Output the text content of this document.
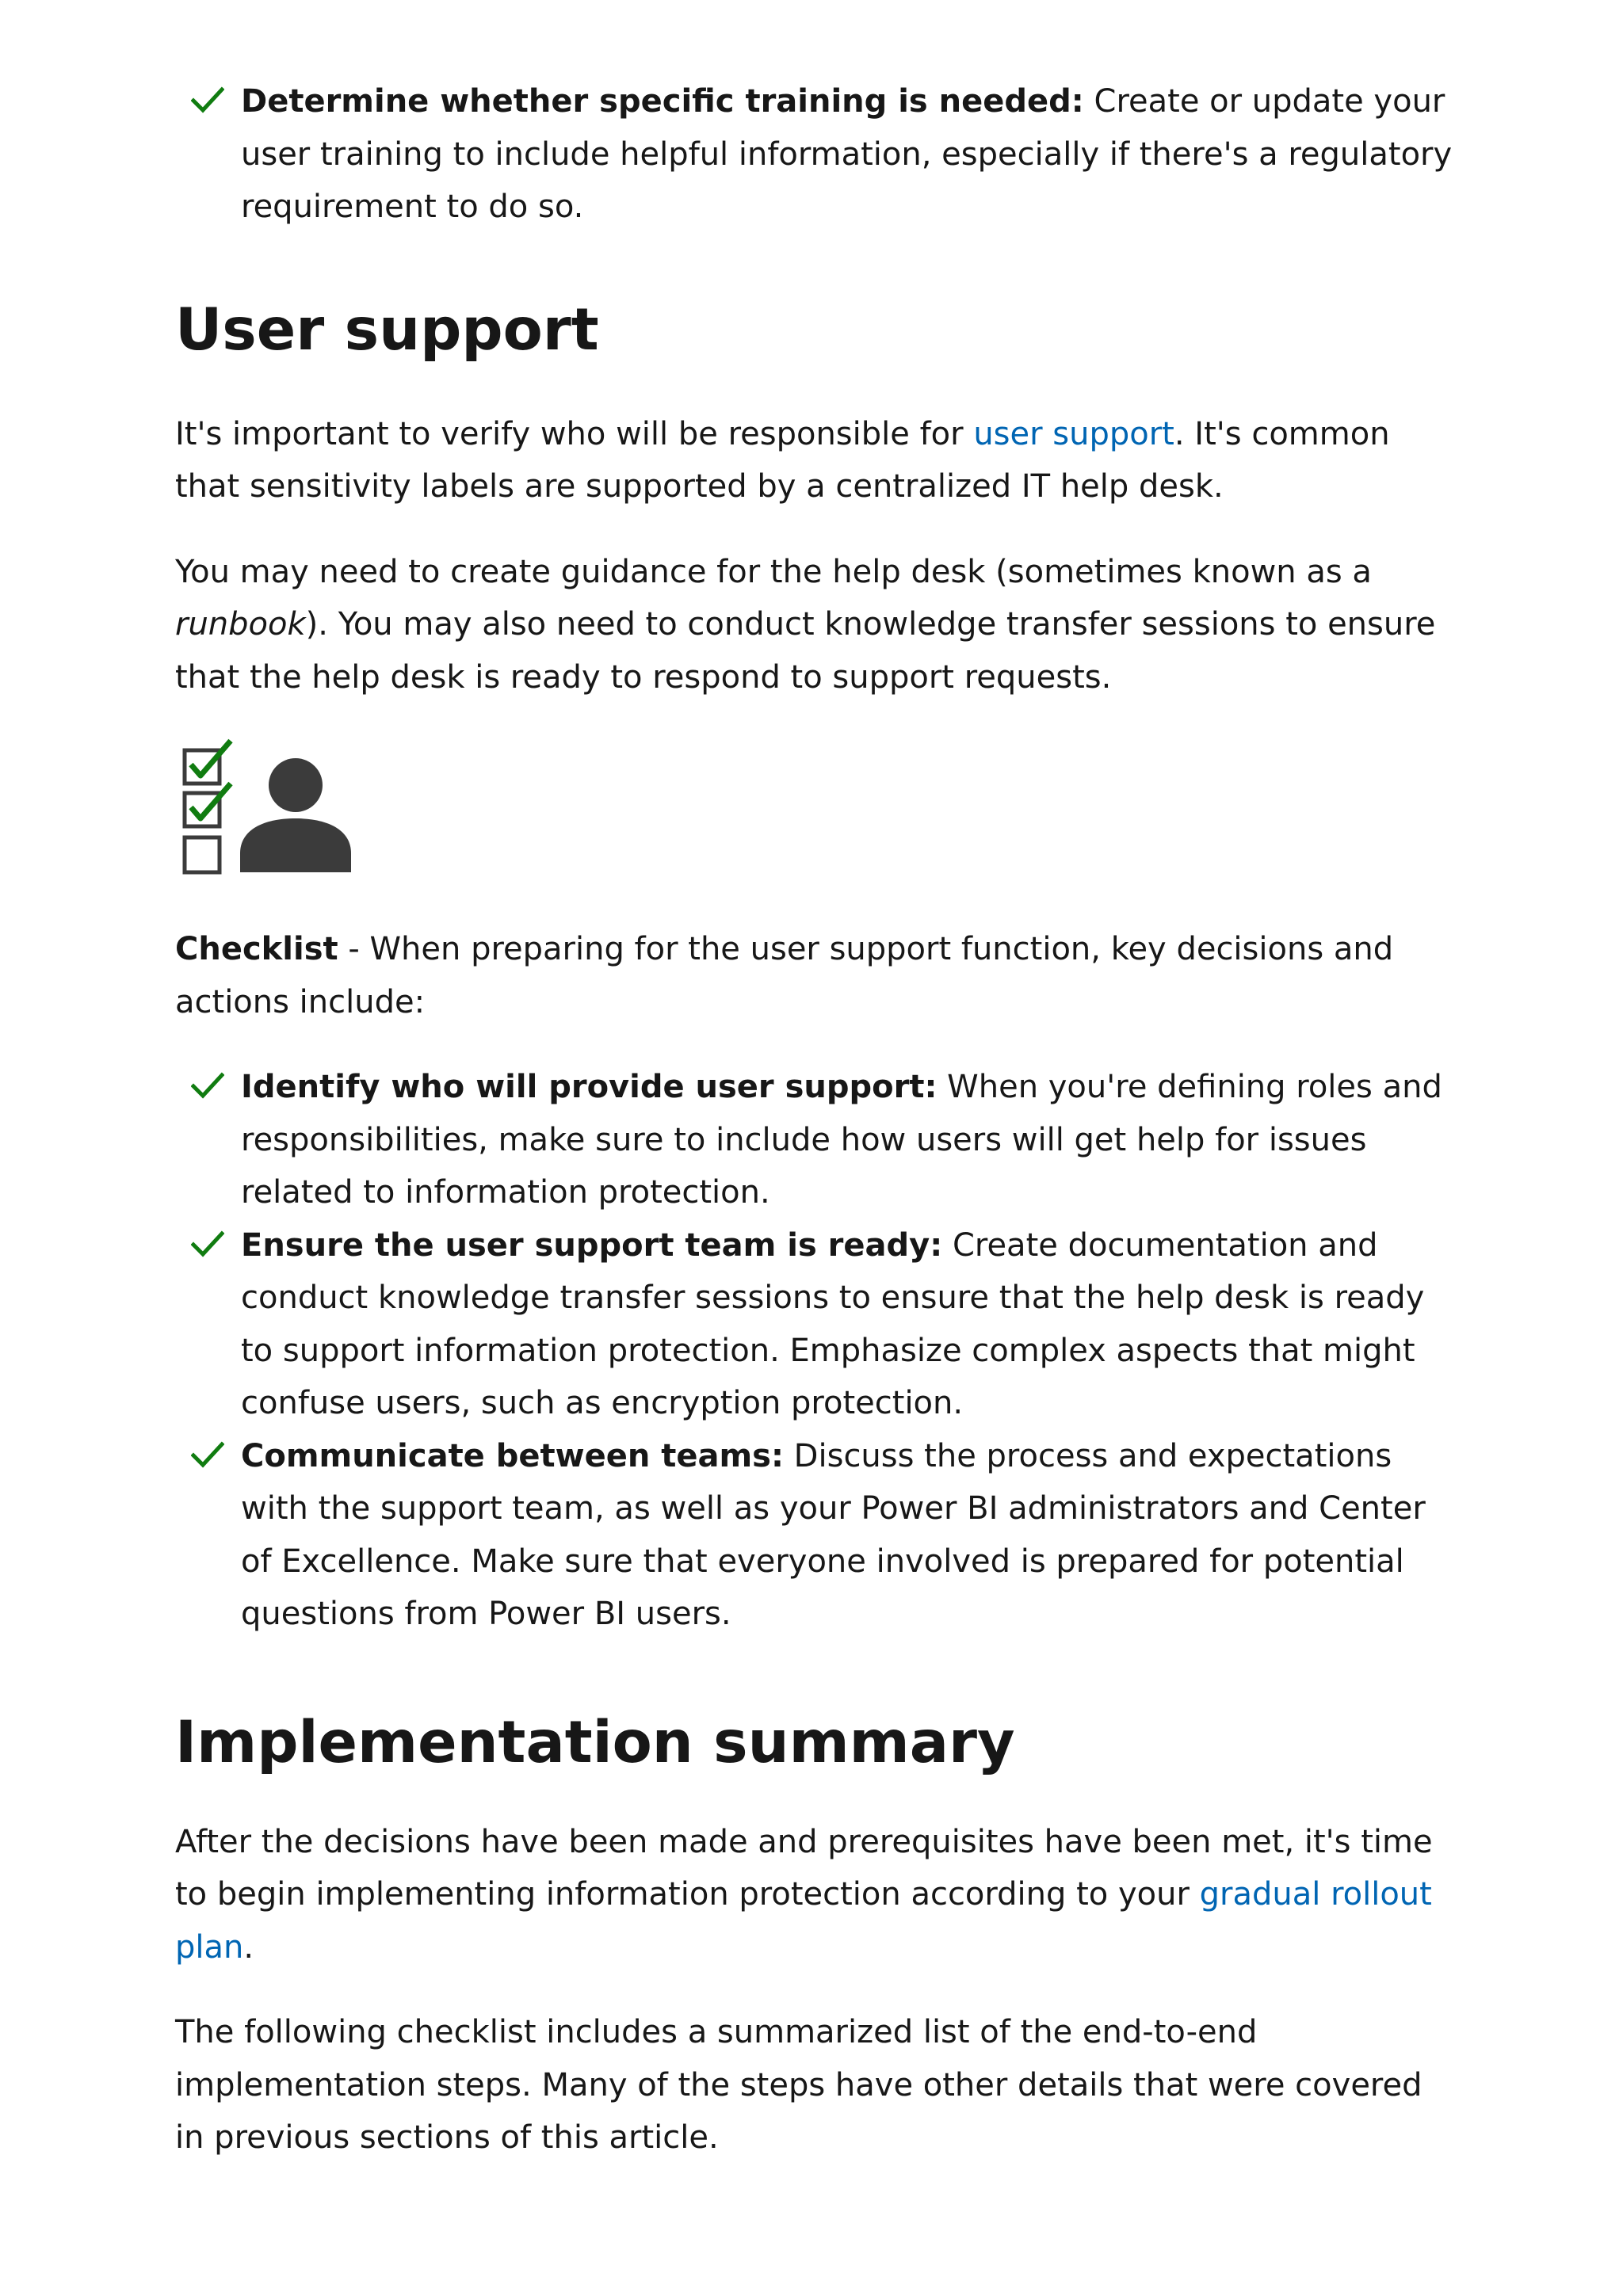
Determine whether specific training is needed: Create or update your user training to include helpful information, especially if there's a regulatory requirement to do so.
User support

It's important to verify who will be responsible for user support. It's common that sensitivity labels are supported by a centralized IT help desk.

You may need to create guidance for the help desk (sometimes known as a runbook). You may also need to conduct knowledge transfer sessions to ensure that the help desk is ready to respond to support requests.

Checklist - When preparing for the user support function, key decisions and actions include:

Identify who will provide user support: When you're defining roles and responsibilities, make sure to include how users will get help for issues related to information protection.
Ensure the user support team is ready: Create documentation and conduct knowledge transfer sessions to ensure that the help desk is ready to support information protection. Emphasize complex aspects that might confuse users, such as encryption protection.
Communicate between teams: Discuss the process and expectations with the support team, as well as your Power BI administrators and Center of Excellence. Make sure that everyone involved is prepared for potential questions from Power BI users.
Implementation summary

After the decisions have been made and prerequisites have been met, it's time to begin implementing information protection according to your gradual rollout plan.

The following checklist includes a summarized list of the end-to-end implementation steps. Many of the steps have other details that were covered in previous sections of this article.
